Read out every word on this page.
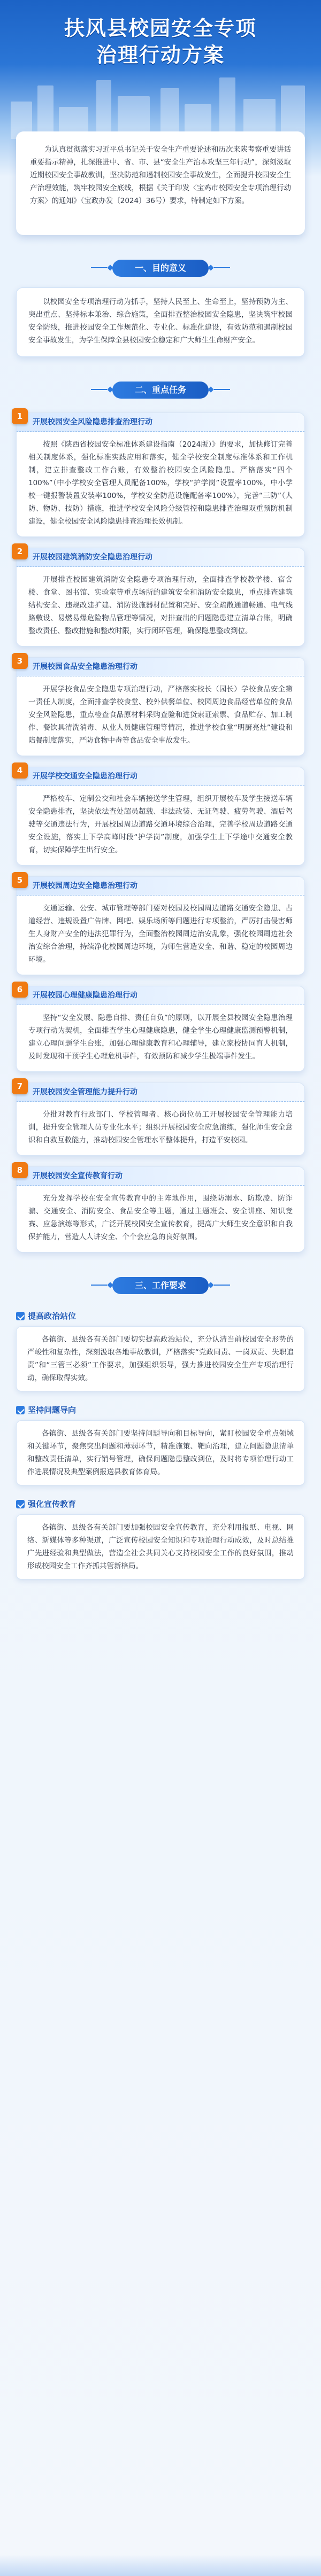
扶风县校园安全专项
治理行动方案
为认真贯彻落实习近平总书记关于安全生产重要论述和历次来陕考察重要讲话重要指示精神，扎深推进中、省、市、县“安全生产治本攻坚三年行动”，深刻汲取近期校园安全事故教训，坚决防范和遏制校园安全事故发生，全面提升校园安全生产治理效能，筑牢校园安全底线，根据《关于印发〈宝鸡市校园安全专项治理行动方案〉的通知》（宝政办发〔2024〕36号）要求，特制定如下方案。
一、目的意义

以校园安全专项治理行动为抓手，坚持人民至上、生命至上，坚持预防为主、突出重点、坚持标本兼治、综合施策，全面排查整治校园安全隐患，坚决筑牢校园安全防线，推进校园安全工作规范化、专业化、标准化建设，有效防范和遏制校园安全事故发生，为学生保障全县校园安全稳定和广大师生生命财产安全。

二、重点任务
1
开展校园安全风险隐患排查治理行动

按照《陕西省校园安全标准体系建设指南（2024版）》的要求，加快修订完善相关制度体系，强化标准实践应用和落实，健全学校安全制度标准体系和工作机制，建立排查整改工作台账，有效整治校园安全风险隐患。严格落实“四个100%”（中小学校安全管理人员配备100%，学校“护学岗”设置率100%，中小学校一键报警装置安装率100%，学校安全防范设施配备率100%），完善“三防”（人防、物防、技防）措施，推进学校安全风险分级管控和隐患排查治理双重预防机制建设，健全校园安全风险隐患排查治理长效机制。

2
开展校园建筑消防安全隐患治理行动

开展排查校园建筑消防安全隐患专项治理行动，全面排查学校教学楼、宿舍楼、食堂、图书馆、实验室等重点场所的建筑安全和消防安全隐患，重点排查建筑结构安全、违规改建扩建、消防设施器材配置和完好、安全疏散通道畅通、电气线路敷设、易燃易爆危险物品管理等情况，对排查出的问题隐患建立清单台账，明确整改责任、整改措施和整改时限，实行闭环管理，确保隐患整改到位。

3
开展校园食品安全隐患治理行动

开展学校食品安全隐患专项治理行动，严格落实校长（园长）学校食品安全第一责任人制度，全面排查学校食堂、校外供餐单位、校园周边食品经营单位的食品安全风险隐患，重点检查食品原材料采购查验和进货索证索票、食品贮存、加工制作、餐饮具清洗消毒、从业人员健康管理等情况，推进学校食堂“明厨亮灶”建设和陪餐制度落实，严防食物中毒等食品安全事故发生。

4
开展学校交通安全隐患治理行动

严格校车、定制公交和社会车辆接送学生管理，组织开展校车及学生接送车辆安全隐患排查，坚决依法查处超员超载、非法改装、无证驾驶、疲劳驾驶、酒后驾驶等交通违法行为，开展校园周边道路交通环境综合治理，完善学校周边道路交通安全设施，落实上下学高峰时段“护学岗”制度，加强学生上下学途中交通安全教育，切实保障学生出行安全。

5
开展校园周边安全隐患治理行动

交通运输、公安、城市管理等部门要对校园及校园周边道路交通安全隐患、占道经营、违规设置广告牌、网吧、娱乐场所等问题进行专项整治，严厉打击侵害师生人身财产安全的违法犯罪行为，全面整治校园周边治安乱象，强化校园周边社会治安综合治理，持续净化校园周边环境，为师生营造安全、和谐、稳定的校园周边环境。

6
开展校园心理健康隐患治理行动

坚持“安全发展、隐患自排、责任自负”的原则，以开展全县校园安全隐患治理专项行动为契机，全面排查学生心理健康隐患，健全学生心理健康监测预警机制，建立心理问题学生台账，加强心理健康教育和心理辅导，建立家校协同育人机制，及时发现和干预学生心理危机事件，有效预防和减少学生极端事件发生。

7
开展校园安全管理能力提升行动

分批对教育行政部门、学校管理者、核心岗位员工开展校园安全管理能力培训，提升安全管理人员专业化水平；组织开展校园安全应急演练，强化师生安全意识和自救互救能力，推动校园安全管理水平整体提升，打造平安校园。

8
开展校园安全宣传教育行动

充分发挥学校在安全宣传教育中的主阵地作用，围绕防溺水、防欺凌、防诈骗、交通安全、消防安全、食品安全等主题，通过主题班会、安全讲座、知识竞赛、应急演练等形式，广泛开展校园安全宣传教育，提高广大师生安全意识和自我保护能力，营造人人讲安全、个个会应急的良好氛围。

三、工作要求
提高政治站位

各镇街、县级各有关部门要切实提高政治站位，充分认清当前校园安全形势的严峻性和复杂性，深刻汲取各地事故教训，严格落实“党政同责、一岗双责、失职追责”和“三管三必须”工作要求，加强组织领导，强力推进校园安全生产专项治理行动，确保取得实效。

坚持问题导向

各镇街、县级各有关部门要坚持问题导向和目标导向，紧盯校园安全重点领域和关键环节，聚焦突出问题和薄弱环节，精准施策、靶向治理，建立问题隐患清单和整改责任清单，实行销号管理，确保问题隐患整改到位，及时将专项治理行动工作进展情况及典型案例报送县教育体育局。

强化宣传教育

各镇街、县级各有关部门要加强校园安全宣传教育，充分利用报纸、电视、网络、新媒体等多种渠道，广泛宣传校园安全知识和专项治理行动成效，及时总结推广先进经验和典型做法，营造全社会共同关心支持校园安全工作的良好氛围，推动形成校园安全工作齐抓共管新格局。
